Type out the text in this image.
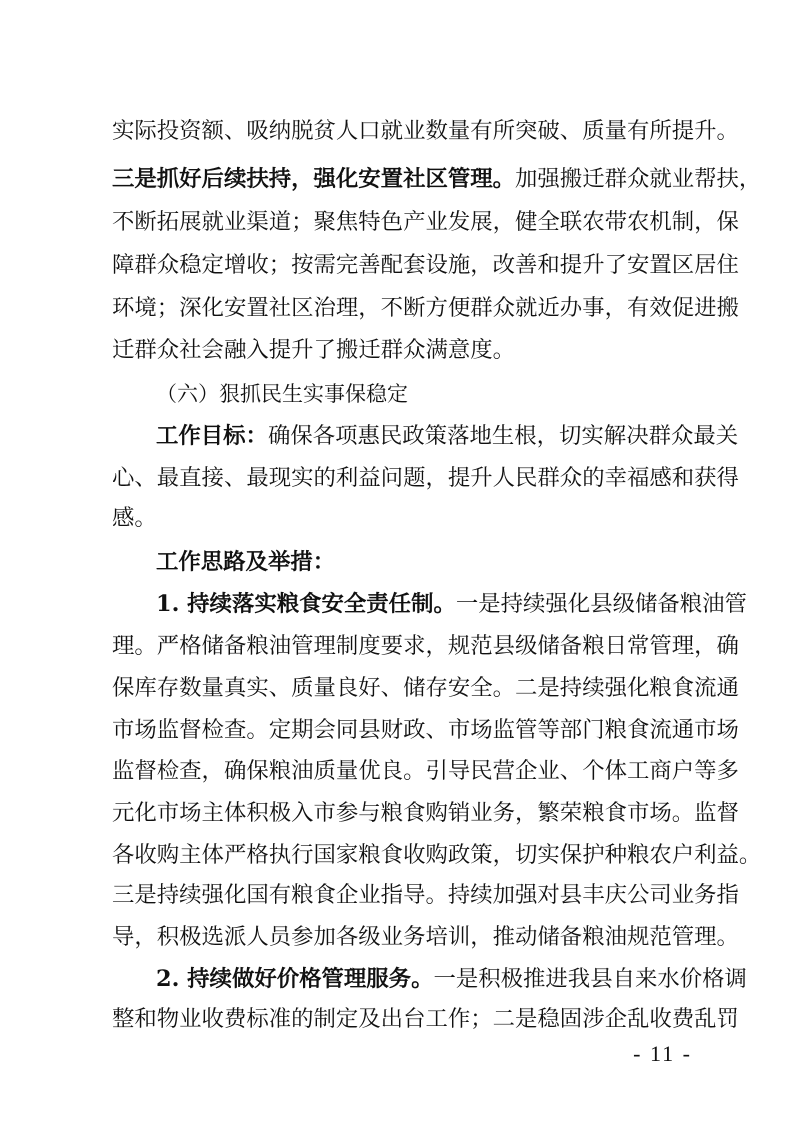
实际投资额、吸纳脱贫人口就业数量有所突破、质量有所提升。
三是抓好后续扶持，强化安置社区管理。加强搬迁群众就业帮扶，
不断拓展就业渠道；聚焦特色产业发展，健全联农带农机制，保
障群众稳定增收；按需完善配套设施，改善和提升了安置区居住
环境；深化安置社区治理，不断方便群众就近办事，有效促进搬
迁群众社会融入提升了搬迁群众满意度。
（六）狠抓民生实事保稳定
工作目标：确保各项惠民政策落地生根，切实解决群众最关
心、最直接、最现实的利益问题，提升人民群众的幸福感和获得
感。
工作思路及举措：
1. 持续落实粮食安全责任制。一是持续强化县级储备粮油管
理。严格储备粮油管理制度要求，规范县级储备粮日常管理，确
保库存数量真实、质量良好、储存安全。二是持续强化粮食流通
市场监督检查。定期会同县财政、市场监管等部门粮食流通市场
监督检查，确保粮油质量优良。引导民营企业、个体工商户等多
元化市场主体积极入市参与粮食购销业务，繁荣粮食市场。监督
各收购主体严格执行国家粮食收购政策，切实保护种粮农户利益。
三是持续强化国有粮食企业指导。持续加强对县丰庆公司业务指
导，积极选派人员参加各级业务培训，推动储备粮油规范管理。
2. 持续做好价格管理服务。一是积极推进我县自来水价格调
整和物业收费标准的制定及出台工作；二是稳固涉企乱收费乱罚
- 11 -
